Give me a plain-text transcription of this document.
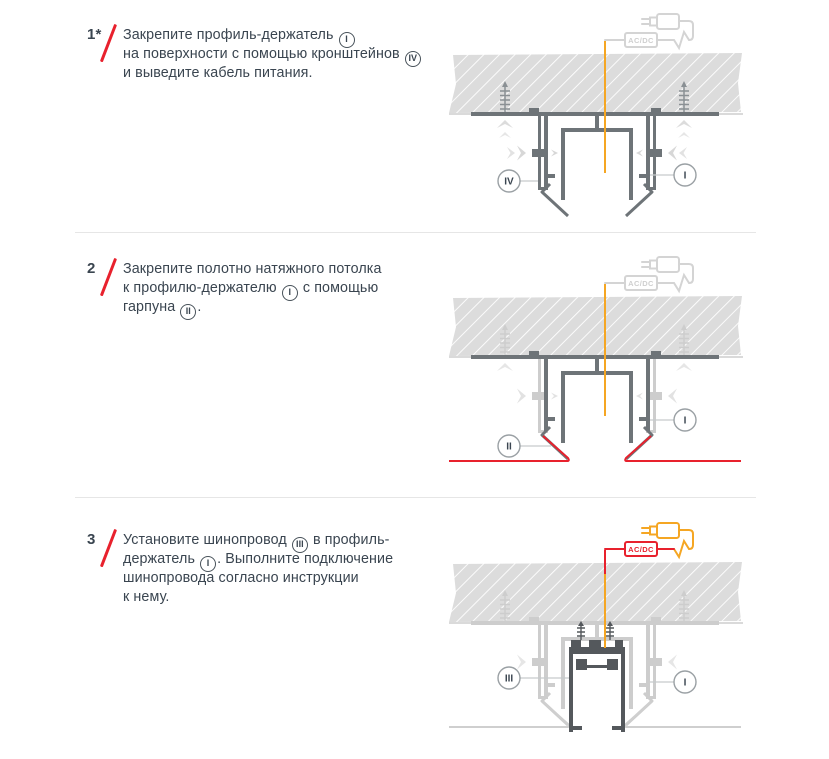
1* Закрепите профиль-держатель I
на поверхности с помощью кронштейнов IV
и выведите кабель питания.
AC/DC
IV
I
2 Закрепите полотно натяжного потолка
к профилю-держателю I с помощью
гарпуна II .
AC/DC
II
I
3 Установите шинопровод III в профиль-
держатель I . Выполните подключение
шинопровода согласно инструкции
к нему.
AC/DC
III	I
